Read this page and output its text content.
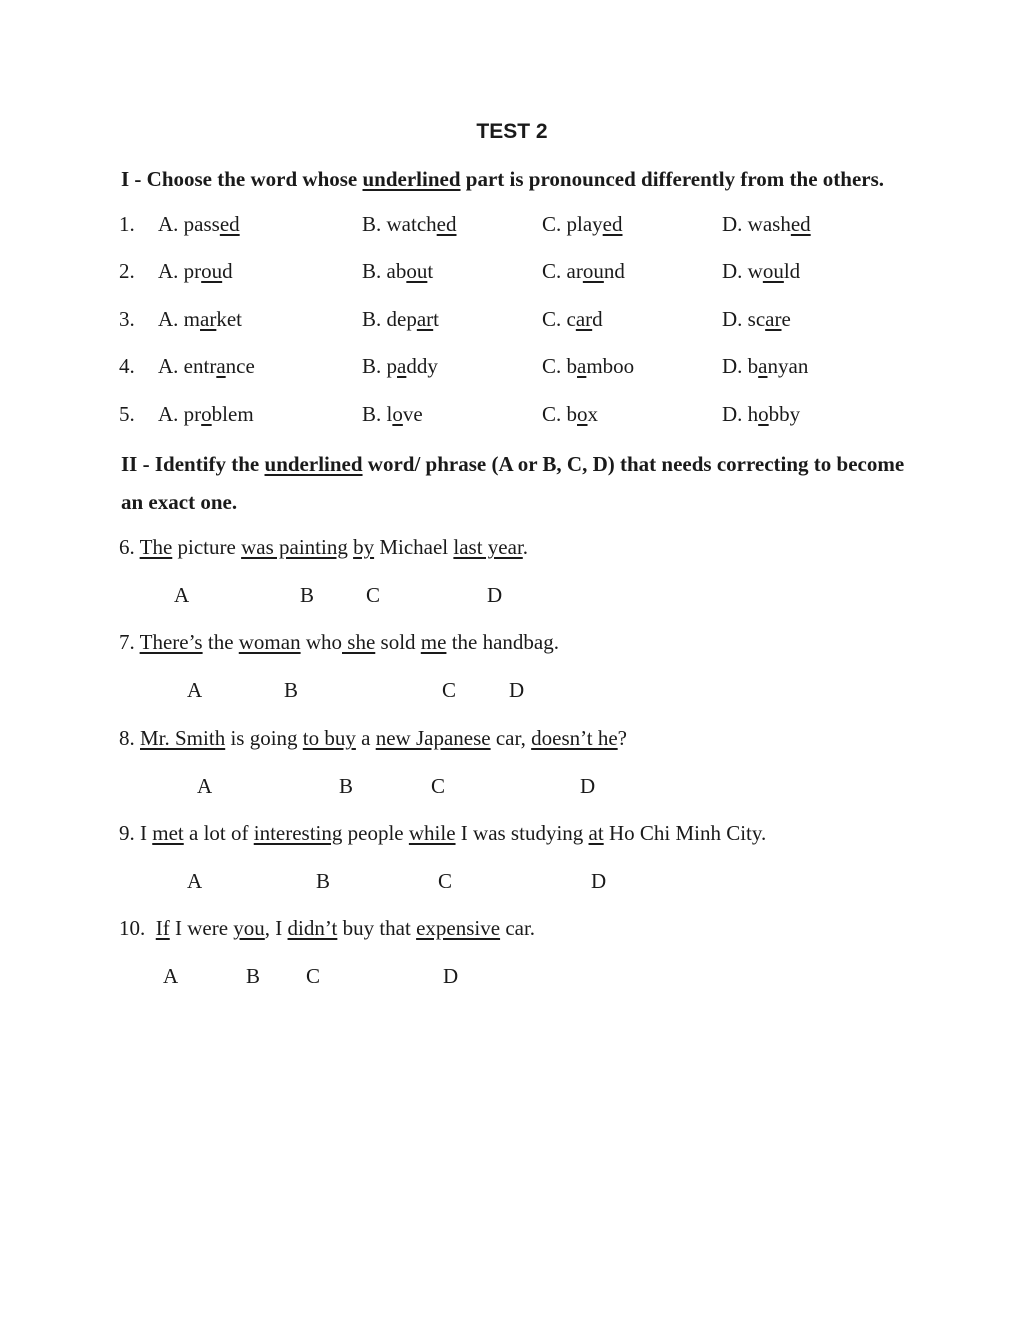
TEST 2
I - Choose the word whose underlined part is pronounced differently from the others.
1. A. passed	B. watched	C. played	D. washed
2. A. proud	B. about	C. around	D. would
3. A. market	B. depart	C. card	D. scare
4. A. entrance	B. paddy	C. bamboo	D. banyan
5. A. problem	B. love	C. box	D. hobby
II - Identify the underlined word/ phrase (A or B, C, D) that needs correcting to become an exact one.
6. The picture was painting by Michael last year.
A	B C	D
7. There’s the woman who she sold me the handbag.
A	B	C	D
8. Mr. Smith is going to buy a new Japanese car, doesn’t he?
A	B	C	D
9. I met a lot of interesting people while I was studying at Ho Chi Minh City.
A	B	C	D
10. If I were you, I didn’t buy that expensive car.
A	B C	D
